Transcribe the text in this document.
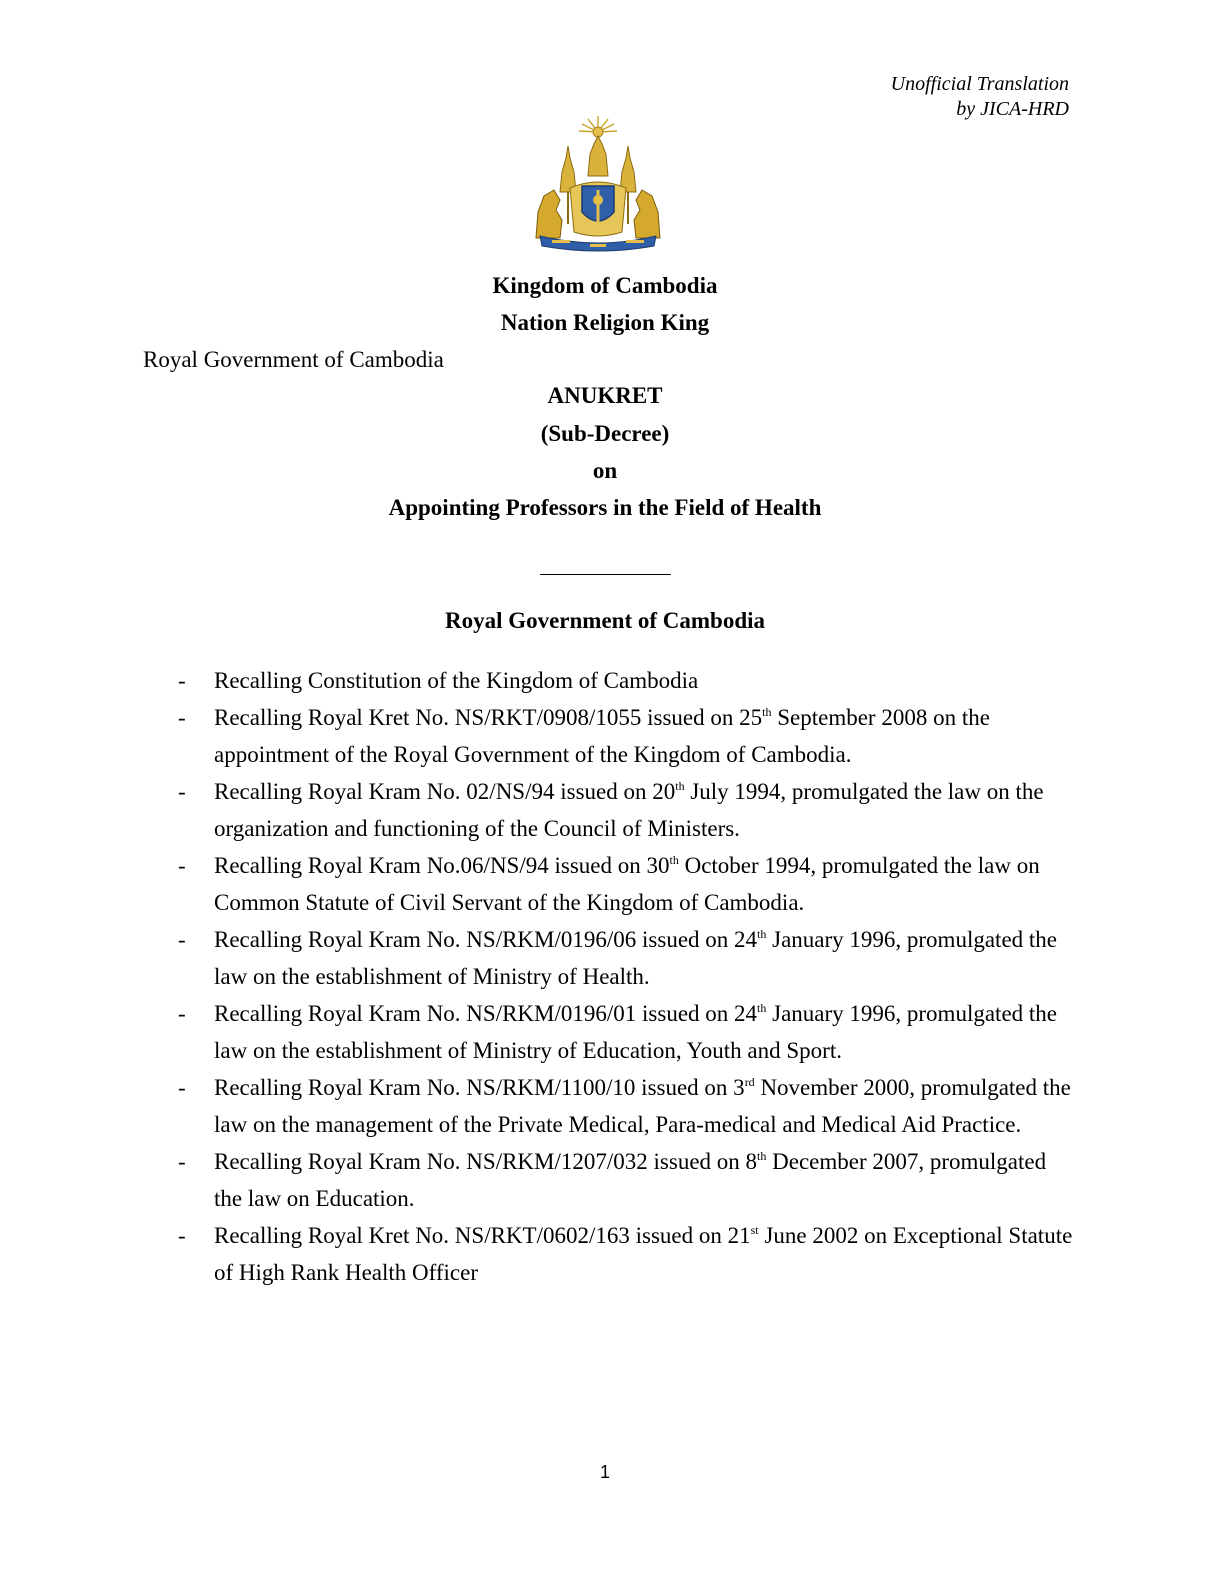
Unofficial Translation
by JICA-HRD
Kingdom of Cambodia
Nation Religion King
Royal Government of Cambodia
ANUKRET
(Sub-Decree)
on
Appointing Professors in the Field of Health
Royal Government of Cambodia
- Recalling Constitution of the Kingdom of Cambodia
- Recalling Royal Kret No. NS/RKT/0908/1055 issued on 25th September 2008 on the appointment of the Royal Government of the Kingdom of Cambodia.
- Recalling Royal Kram No. 02/NS/94 issued on 20th July 1994, promulgated the law on the organization and functioning of the Council of Ministers.
- Recalling Royal Kram No.06/NS/94 issued on 30th October 1994, promulgated the law on Common Statute of Civil Servant of the Kingdom of Cambodia.
- Recalling Royal Kram No. NS/RKM/0196/06 issued on 24th January 1996, promulgated the law on the establishment of Ministry of Health.
- Recalling Royal Kram No. NS/RKM/0196/01 issued on 24th January 1996, promulgated the law on the establishment of Ministry of Education, Youth and Sport.
- Recalling Royal Kram No. NS/RKM/1100/10 issued on 3rd November 2000, promulgated the law on the management of the Private Medical, Para-medical and Medical Aid Practice.
- Recalling Royal Kram No. NS/RKM/1207/032 issued on 8th December 2007, promulgated the law on Education.
- Recalling Royal Kret No. NS/RKT/0602/163 issued on 21st June 2002 on Exceptional Statute of High Rank Health Officer
1
